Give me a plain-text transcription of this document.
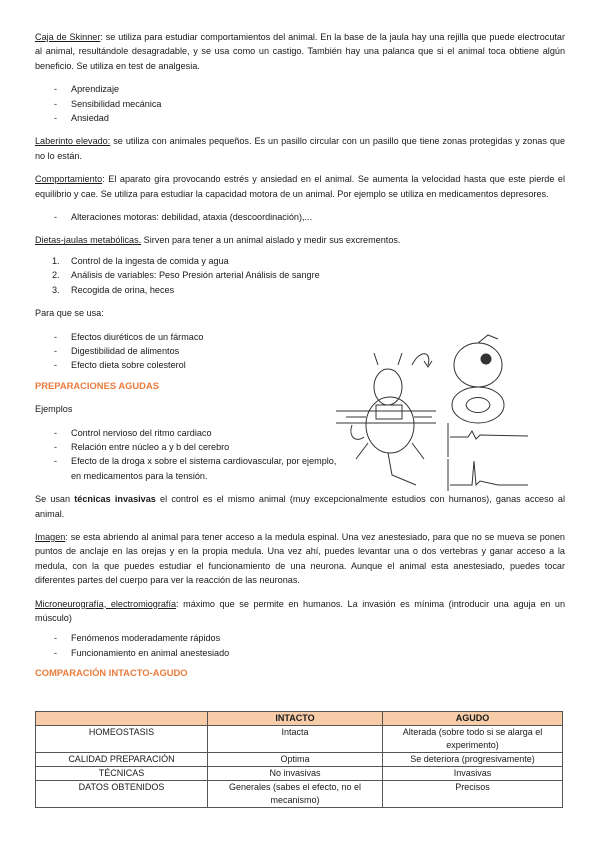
Caja de Skinner: se utiliza para estudiar comportamientos del animal. En la base de la jaula hay una rejilla que puede electrocutar al animal, resultándole desagradable, y se usa como un castigo. También hay una palanca que si el animal toca obtiene algún beneficio. Se utiliza en test de analgesia.

- Aprendizaje
- Sensibilidad mecánica
- Ansiedad

Laberinto elevado: se utiliza con animales pequeños. Es un pasillo circular con un pasillo que tiene zonas protegidas y zonas que no lo están.

Comportamiento: El aparato gira provocando estrés y ansiedad en el animal. Se aumenta la velocidad hasta que este pierde el equilibrio y cae. Se utiliza para estudiar la capacidad motora de un animal. Por ejemplo se utiliza en medicamentos depresores.

- Alteraciones motoras: debilidad, ataxia (descoordinación),...

Dietas-jaulas metabólicas. Sirven para tener a un animal aislado y medir sus excrementos.

1. Control de la ingesta de comida y agua
2. Análisis de variables: Peso Presión arterial Análisis de sangre
3. Recogida de orina, heces

Para que se usa:

- Efectos diuréticos de un fármaco
- Digestibilidad de alimentos
- Efecto dieta sobre colesterol

PREPARACIONES AGUDAS

Ejemplos

- Control nervioso del ritmo cardiaco
- Relación entre núcleo a y b del cerebro
- Efecto de la droga x sobre el sistema cardiovascular, por ejemplo, en medicamentos para la tensión.

Se usan técnicas invasivas el control es el mismo animal (muy excepcionalmente estudios con humanos), ganas acceso al animal.

Imagen: se esta abriendo al animal para tener acceso a la medula espinal. Una vez anestesiado, para que no se mueva se ponen puntos de anclaje en las orejas y en la propia medula. Una vez ahí, puedes levantar una o dos vertebras y ganar acceso a la medula, con la que puedes estudiar el funcionamiento de una neurona. Aunque el animal esta anestesiado, puedes tocar diferentes partes del cuerpo para ver la reacción de las neuronas.

Microneurografía, electromiografía: máximo que se permite en humanos. La invasión es mínima (introducir una aguja en un músculo)

- Fenómenos moderadamente rápidos
- Funcionamiento en animal anestesiado

COMPARACIÓN INTACTO-AGUDO

	INTACTO	AGUDO
HOMEOSTASIS	Intacta	Alterada (sobre todo si se alarga el experimento)
CALIDAD PREPARACIÓN	Optima	Se deteriora (progresivamente)
TÉCNICAS	No invasivas	Invasivas
DATOS OBTENIDOS	Generales (sabes el efecto, no el mecanismo)	Precisos
